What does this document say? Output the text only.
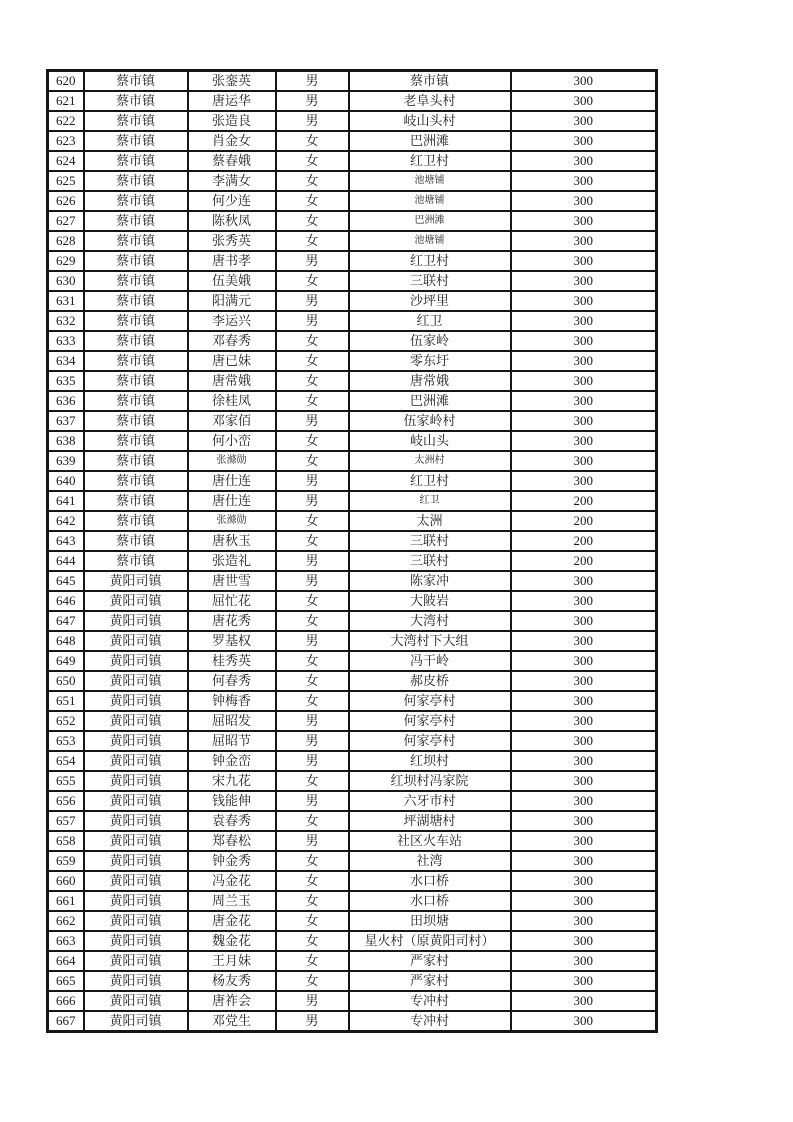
620	蔡市镇	张銮英	男	蔡市镇	300
621	蔡市镇	唐运华	男	老阜头村	300
622	蔡市镇	张造良	男	岐山头村	300
623	蔡市镇	肖金女	女	巴洲滩	300
624	蔡市镇	蔡春娥	女	红卫村	300
625	蔡市镇	李满女	女	池塘铺	300
626	蔡市镇	何少连	女	池塘铺	300
627	蔡市镇	陈秋凤	女	巴洲滩	300
628	蔡市镇	张秀英	女	池塘铺	300
629	蔡市镇	唐书孝	男	红卫村	300
630	蔡市镇	伍美娥	女	三联村	300
631	蔡市镇	阳满元	男	沙坪里	300
632	蔡市镇	李运兴	男	红卫	300
633	蔡市镇	邓春秀	女	伍家岭	300
634	蔡市镇	唐已妹	女	零东圩	300
635	蔡市镇	唐常娥	女	唐常娥	300
636	蔡市镇	徐桂凤	女	巴洲滩	300
637	蔡市镇	邓家佰	男	伍家岭村	300
638	蔡市镇	何小峦	女	岐山头	300
639	蔡市镇	张滌勋	女	太洲村	300
640	蔡市镇	唐仕连	男	红卫村	300
641	蔡市镇	唐仕连	男	红卫	200
642	蔡市镇	张滌勋	女	太洲	200
643	蔡市镇	唐秋玉	女	三联村	200
644	蔡市镇	张造礼	男	三联村	200
645	黄阳司镇	唐世雪	男	陈家冲	300
646	黄阳司镇	屈忙花	女	大陂岩	300
647	黄阳司镇	唐花秀	女	大湾村	300
648	黄阳司镇	罗基权	男	大湾村下大组	300
649	黄阳司镇	桂秀英	女	冯干岭	300
650	黄阳司镇	何春秀	女	郝皮桥	300
651	黄阳司镇	钟梅香	女	何家亭村	300
652	黄阳司镇	屈昭发	男	何家亭村	300
653	黄阳司镇	屈昭节	男	何家亭村	300
654	黄阳司镇	钟金峦	男	红坝村	300
655	黄阳司镇	宋九花	女	红坝村冯家院	300
656	黄阳司镇	钱能伸	男	六牙市村	300
657	黄阳司镇	袁春秀	女	坪湖塘村	300
658	黄阳司镇	郑春松	男	社区火车站	300
659	黄阳司镇	钟金秀	女	社湾	300
660	黄阳司镇	冯金花	女	水口桥	300
661	黄阳司镇	周兰玉	女	水口桥	300
662	黄阳司镇	唐金花	女	田坝塘	300
663	黄阳司镇	魏金花	女	星火村（原黄阳司村）	300
664	黄阳司镇	王月妹	女	严家村	300
665	黄阳司镇	杨友秀	女	严家村	300
666	黄阳司镇	唐祚会	男	专冲村	300
667	黄阳司镇	邓党生	男	专冲村	300
